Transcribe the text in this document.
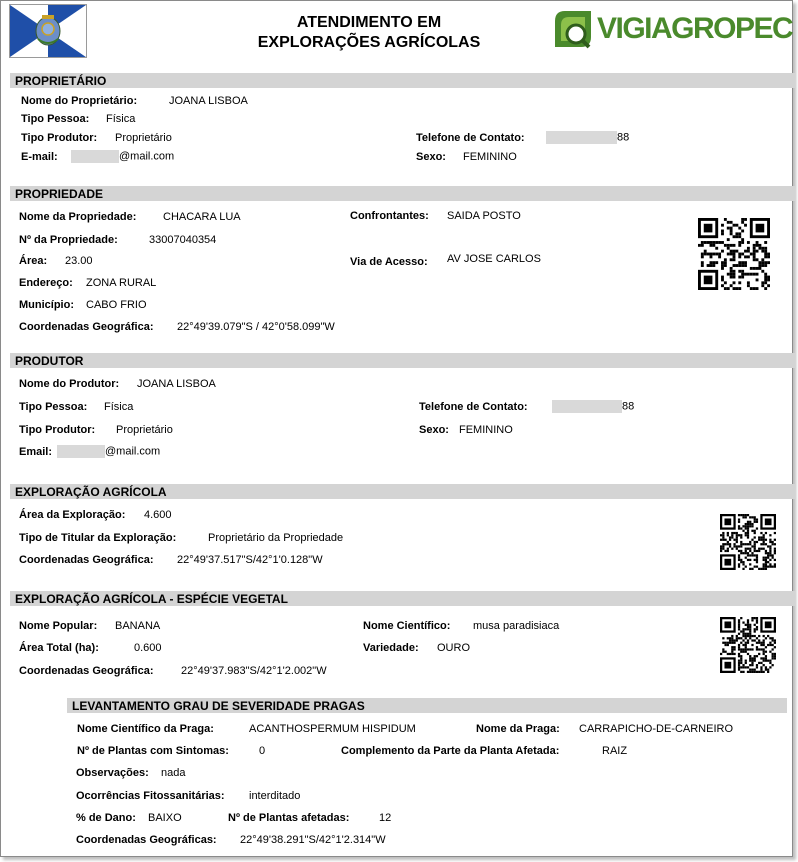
ATENDIMENTO EM
EXPLORAÇÕES AGRÍCOLAS	VIGIAGROPEC
PROPRIETÁRIO
Nome do Proprietário:	JOANA LISBOA
Tipo Pessoa: Física
Tipo Produtor: Proprietário	Telefone de Contato:	88
E-mail:	@mail.com	Sexo: FEMININO
PROPRIEDADE
Nome da Propriedade: CHACARA LUA	Confrontantes: SAIDA POSTO
Nº da Propriedade:	33007040354
Área: 23.00	Via de Acesso: AV JOSE CARLOS
Endereço: ZONA RURAL
Município: CABO FRIO
Coordenadas Geográfica: 22°49'39.079"S / 42°0'58.099"W
PRODUTOR
Nome do Produtor: JOANA LISBOA
Tipo Pessoa: Física	Telefone de Contato:	88
Tipo Produtor: Proprietário	Sexo: FEMININO
Email:	@mail.com
EXPLORAÇÃO AGRÍCOLA
Área da Exploração: 4.600
Tipo de Titular da Exploração:	Proprietário da Propriedade
Coordenadas Geográfica: 22°49'37.517"S/42°1'0.128"W
EXPLORAÇÃO AGRÍCOLA - ESPÉCIE VEGETAL
Nome Popular: BANANA	Nome Científico: musa paradisiaca
Área Total (ha):	0.600	Variedade: OURO
Coordenadas Geográfica:	22°49'37.983"S/42°1'2.002"W
LEVANTAMENTO GRAU DE SEVERIDADE PRAGAS
Nome Científico da Praga:	ACANTHOSPERMUM HISPIDUM	Nome da Praga: CARRAPICHO-DE-CARNEIRO
Nº de Plantas com Sintomas:	0	Complemento da Parte da Planta Afetada:	RAIZ
Observações: nada
Ocorrências Fitossanitárias: interditado
% de Dano: BAIXO	Nº de Plantas afetadas:	12
Coordenadas Geográficas: 22°49'38.291"S/42°1'2.314"W
